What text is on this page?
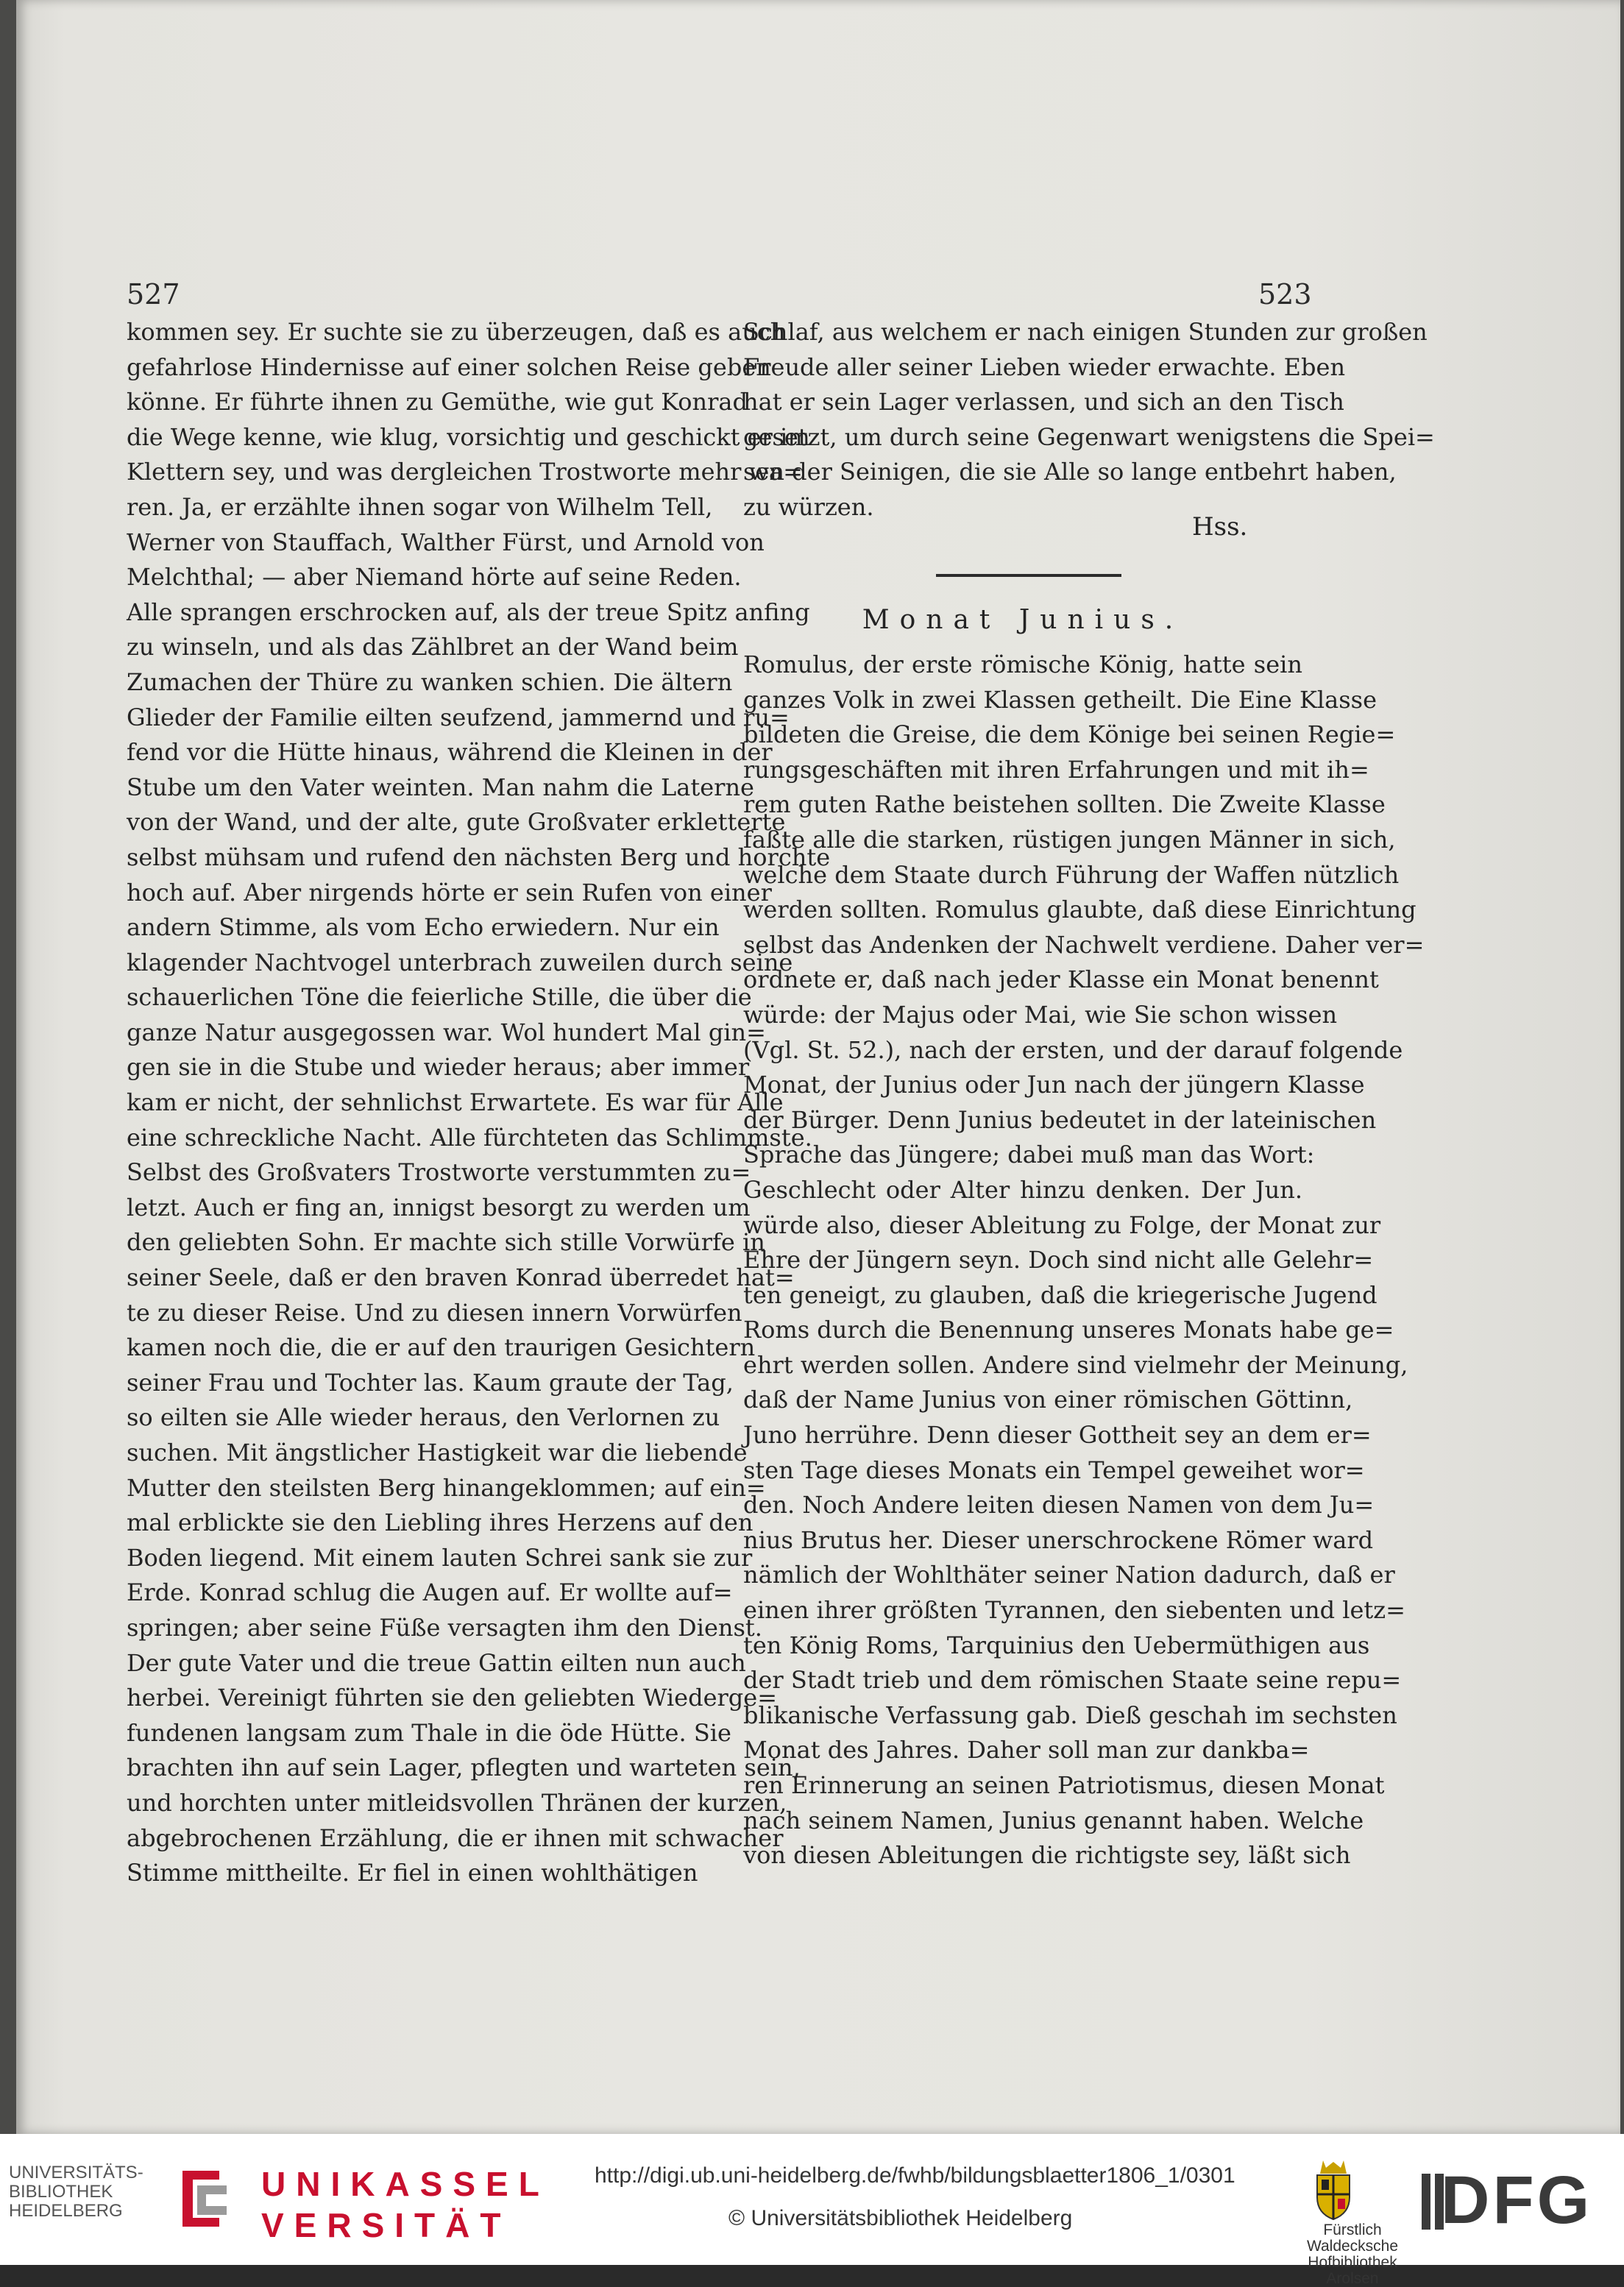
527	523
kommen sey. Er suchte sie zu überzeugen, daß es auch
gefahrlose Hindernisse auf einer solchen Reise geben
könne. Er führte ihnen zu Gemüthe, wie gut Konrad
die Wege kenne, wie klug, vorsichtig und geschickt er im
Klettern sey, und was dergleichen Trostworte mehr wa=
ren. Ja, er erzählte ihnen sogar von Wilhelm Tell,
Werner von Stauffach, Walther Fürst, und Arnold von
Melchthal; — aber Niemand hörte auf seine Reden.
Alle sprangen erschrocken auf, als der treue Spitz anfing
zu winseln, und als das Zählbret an der Wand beim
Zumachen der Thüre zu wanken schien. Die ältern
Glieder der Familie eilten seufzend, jammernd und ru=
fend vor die Hütte hinaus, während die Kleinen in der
Stube um den Vater weinten. Man nahm die Laterne
von der Wand, und der alte, gute Großvater erkletterte
selbst mühsam und rufend den nächsten Berg und horchte
hoch auf. Aber nirgends hörte er sein Rufen von einer
andern Stimme, als vom Echo erwiedern. Nur ein
klagender Nachtvogel unterbrach zuweilen durch seine
schauerlichen Töne die feierliche Stille, die über die
ganze Natur ausgegossen war. Wol hundert Mal gin=
gen sie in die Stube und wieder heraus; aber immer
kam er nicht, der sehnlichst Erwartete. Es war für Alle
eine schreckliche Nacht. Alle fürchteten das Schlimmste.
Selbst des Großvaters Trostworte verstummten zu=
letzt. Auch er fing an, innigst besorgt zu werden um
den geliebten Sohn. Er machte sich stille Vorwürfe in
seiner Seele, daß er den braven Konrad überredet hat=
te zu dieser Reise. Und zu diesen innern Vorwürfen
kamen noch die, die er auf den traurigen Gesichtern
seiner Frau und Tochter las. Kaum graute der Tag,
so eilten sie Alle wieder heraus, den Verlornen zu
suchen. Mit ängstlicher Hastigkeit war die liebende
Mutter den steilsten Berg hinangeklommen; auf ein=
mal erblickte sie den Liebling ihres Herzens auf den
Boden liegend. Mit einem lauten Schrei sank sie zur
Erde. Konrad schlug die Augen auf. Er wollte auf=
springen; aber seine Füße versagten ihm den Dienst.
Der gute Vater und die treue Gattin eilten nun auch
herbei. Vereinigt führten sie den geliebten Wiederge=
fundenen langsam zum Thale in die öde Hütte. Sie
brachten ihn auf sein Lager, pflegten und warteten sein,
und horchten unter mitleidsvollen Thränen der kurzen,
abgebrochenen Erzählung, die er ihnen mit schwacher
Stimme mittheilte. Er fiel in einen wohlthätigen
Schlaf, aus welchem er nach einigen Stunden zur großen
Freude aller seiner Lieben wieder erwachte. Eben
hat er sein Lager verlassen, und sich an den Tisch
gesetzt, um durch seine Gegenwart wenigstens die Spei=
sen der Seinigen, die sie Alle so lange entbehrt haben,
zu würzen.
Hss.
Monat Junius.
Romulus, der erste römische König, hatte sein
ganzes Volk in zwei Klassen getheilt. Die Eine Klasse
bildeten die Greise, die dem Könige bei seinen Regie=
rungsgeschäften mit ihren Erfahrungen und mit ih=
rem guten Rathe beistehen sollten. Die Zweite Klasse
faßte alle die starken, rüstigen jungen Männer in sich,
welche dem Staate durch Führung der Waffen nützlich
werden sollten. Romulus glaubte, daß diese Einrichtung
selbst das Andenken der Nachwelt verdiene. Daher ver=
ordnete er, daß nach jeder Klasse ein Monat benennt
würde: der Majus oder Mai, wie Sie schon wissen
(Vgl. St. 52.), nach der ersten, und der darauf folgende
Monat, der Junius oder Jun nach der jüngern Klasse
der Bürger. Denn Junius bedeutet in der lateinischen
Sprache das Jüngere; dabei muß man das Wort:
Geschlecht oder Alter hinzu denken. Der Jun.
würde also, dieser Ableitung zu Folge, der Monat zur
Ehre der Jüngern seyn. Doch sind nicht alle Gelehr=
ten geneigt, zu glauben, daß die kriegerische Jugend
Roms durch die Benennung unseres Monats habe ge=
ehrt werden sollen. Andere sind vielmehr der Meinung,
daß der Name Junius von einer römischen Göttinn,
Juno herrühre. Denn dieser Gottheit sey an dem er=
sten Tage dieses Monats ein Tempel geweihet wor=
den. Noch Andere leiten diesen Namen von dem Ju=
nius Brutus her. Dieser unerschrockene Römer ward
nämlich der Wohlthäter seiner Nation dadurch, daß er
einen ihrer größten Tyrannen, den siebenten und letz=
ten König Roms, Tarquinius den Uebermüthigen aus
der Stadt trieb und dem römischen Staate seine repu=
blikanische Verfassung gab. Dieß geschah im sechsten
Monat des Jahres. Daher soll man zur dankba=
ren Erinnerung an seinen Patriotismus, diesen Monat
nach seinem Namen, Junius genannt haben. Welche
von diesen Ableitungen die richtigste sey, läßt sich
UNIVERSITÄTS-
BIBLIOTHEK
HEIDELBERG
UNIKASSEL
VERSITÄT
http://digi.ub.uni-heidelberg.de/fwhb/bildungsblaetter1806_1/0301
© Universitätsbibliothek Heidelberg	Fürstlich Waldecksche
Hofbibliothek Arolsen
DFG
